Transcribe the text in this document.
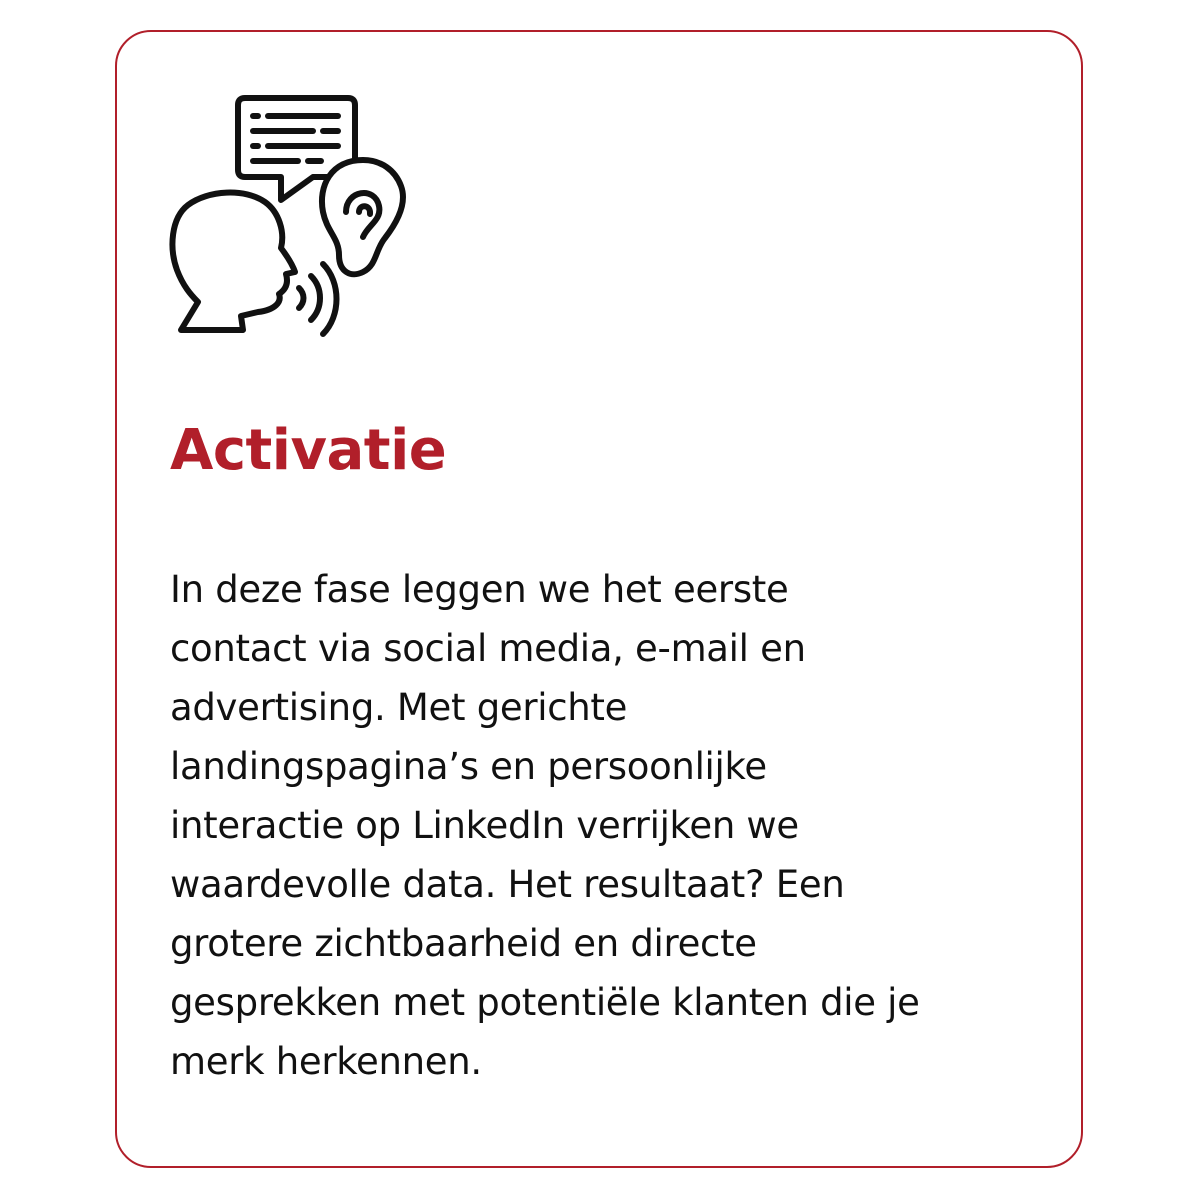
Activatie
In deze fase leggen we het eerste
contact via social media, e-mail en
advertising. Met gerichte
landingspagina’s en persoonlijke
interactie op LinkedIn verrijken we
waardevolle data. Het resultaat? Een
grotere zichtbaarheid en directe
gesprekken met potentiële klanten die je
merk herkennen.
